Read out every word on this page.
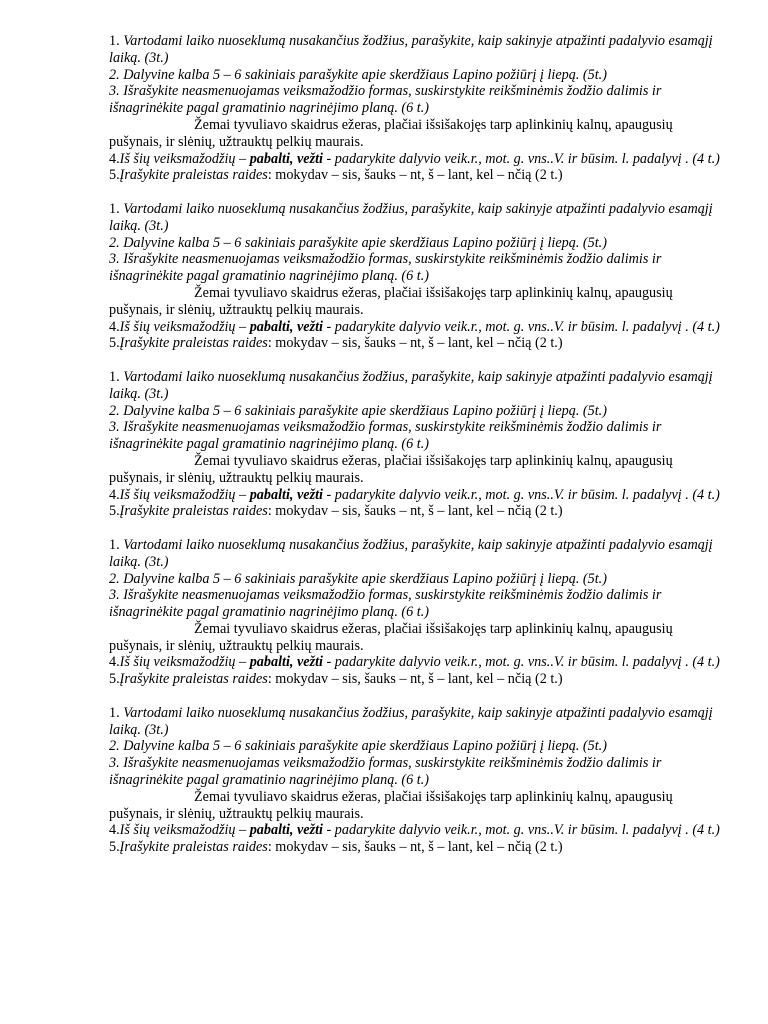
1. Vartodami laiko nuoseklumą nusakančius žodžius, parašykite, kaip sakinyje atpažinti padalyvio esamąjį laiką. (3t.)

2. Dalyvine kalba 5 – 6 sakiniais parašykite apie skerdžiaus Lapino požiūrį į liepą. (5t.)

3. Išrašykite neasmenuojamas veiksmažodžio formas, suskirstykite reikšminėmis žodžio dalimis ir išnagrinėkite pagal gramatinio nagrinėjimo planą. (6 t.)

Žemai tyvuliavo skaidrus ežeras, plačiai išsišakojęs tarp aplinkinių kalnų, apaugusių pušynais, ir slėnių, užtrauktų pelkių maurais.

4.Iš šių veiksmažodžių – pabalti, vežti - padarykite dalyvio veik.r., mot. g. vns..V. ir būsim. l. padalyvį . (4 t.)

5.Įrašykite praleistas raides: mokydav – sis, šauks – nt, š – lant, kel – nčią (2 t.)

1. Vartodami laiko nuoseklumą nusakančius žodžius, parašykite, kaip sakinyje atpažinti padalyvio esamąjį laiką. (3t.)

2. Dalyvine kalba 5 – 6 sakiniais parašykite apie skerdžiaus Lapino požiūrį į liepą. (5t.)

3. Išrašykite neasmenuojamas veiksmažodžio formas, suskirstykite reikšminėmis žodžio dalimis ir išnagrinėkite pagal gramatinio nagrinėjimo planą. (6 t.)

Žemai tyvuliavo skaidrus ežeras, plačiai išsišakojęs tarp aplinkinių kalnų, apaugusių pušynais, ir slėnių, užtrauktų pelkių maurais.

4.Iš šių veiksmažodžių – pabalti, vežti - padarykite dalyvio veik.r., mot. g. vns..V. ir būsim. l. padalyvį . (4 t.)

5.Įrašykite praleistas raides: mokydav – sis, šauks – nt, š – lant, kel – nčią (2 t.)

1. Vartodami laiko nuoseklumą nusakančius žodžius, parašykite, kaip sakinyje atpažinti padalyvio esamąjį laiką. (3t.)

2. Dalyvine kalba 5 – 6 sakiniais parašykite apie skerdžiaus Lapino požiūrį į liepą. (5t.)

3. Išrašykite neasmenuojamas veiksmažodžio formas, suskirstykite reikšminėmis žodžio dalimis ir išnagrinėkite pagal gramatinio nagrinėjimo planą. (6 t.)

Žemai tyvuliavo skaidrus ežeras, plačiai išsišakojęs tarp aplinkinių kalnų, apaugusių pušynais, ir slėnių, užtrauktų pelkių maurais.

4.Iš šių veiksmažodžių – pabalti, vežti - padarykite dalyvio veik.r., mot. g. vns..V. ir būsim. l. padalyvį . (4 t.)

5.Įrašykite praleistas raides: mokydav – sis, šauks – nt, š – lant, kel – nčią (2 t.)

1. Vartodami laiko nuoseklumą nusakančius žodžius, parašykite, kaip sakinyje atpažinti padalyvio esamąjį laiką. (3t.)

2. Dalyvine kalba 5 – 6 sakiniais parašykite apie skerdžiaus Lapino požiūrį į liepą. (5t.)

3. Išrašykite neasmenuojamas veiksmažodžio formas, suskirstykite reikšminėmis žodžio dalimis ir išnagrinėkite pagal gramatinio nagrinėjimo planą. (6 t.)

Žemai tyvuliavo skaidrus ežeras, plačiai išsišakojęs tarp aplinkinių kalnų, apaugusių pušynais, ir slėnių, užtrauktų pelkių maurais.

4.Iš šių veiksmažodžių – pabalti, vežti - padarykite dalyvio veik.r., mot. g. vns..V. ir būsim. l. padalyvį . (4 t.)

5.Įrašykite praleistas raides: mokydav – sis, šauks – nt, š – lant, kel – nčią (2 t.)

1. Vartodami laiko nuoseklumą nusakančius žodžius, parašykite, kaip sakinyje atpažinti padalyvio esamąjį laiką. (3t.)

2. Dalyvine kalba 5 – 6 sakiniais parašykite apie skerdžiaus Lapino požiūrį į liepą. (5t.)

3. Išrašykite neasmenuojamas veiksmažodžio formas, suskirstykite reikšminėmis žodžio dalimis ir išnagrinėkite pagal gramatinio nagrinėjimo planą. (6 t.)

Žemai tyvuliavo skaidrus ežeras, plačiai išsišakojęs tarp aplinkinių kalnų, apaugusių pušynais, ir slėnių, užtrauktų pelkių maurais.

4.Iš šių veiksmažodžių – pabalti, vežti - padarykite dalyvio veik.r., mot. g. vns..V. ir būsim. l. padalyvį . (4 t.)

5.Įrašykite praleistas raides: mokydav – sis, šauks – nt, š – lant, kel – nčią (2 t.)
